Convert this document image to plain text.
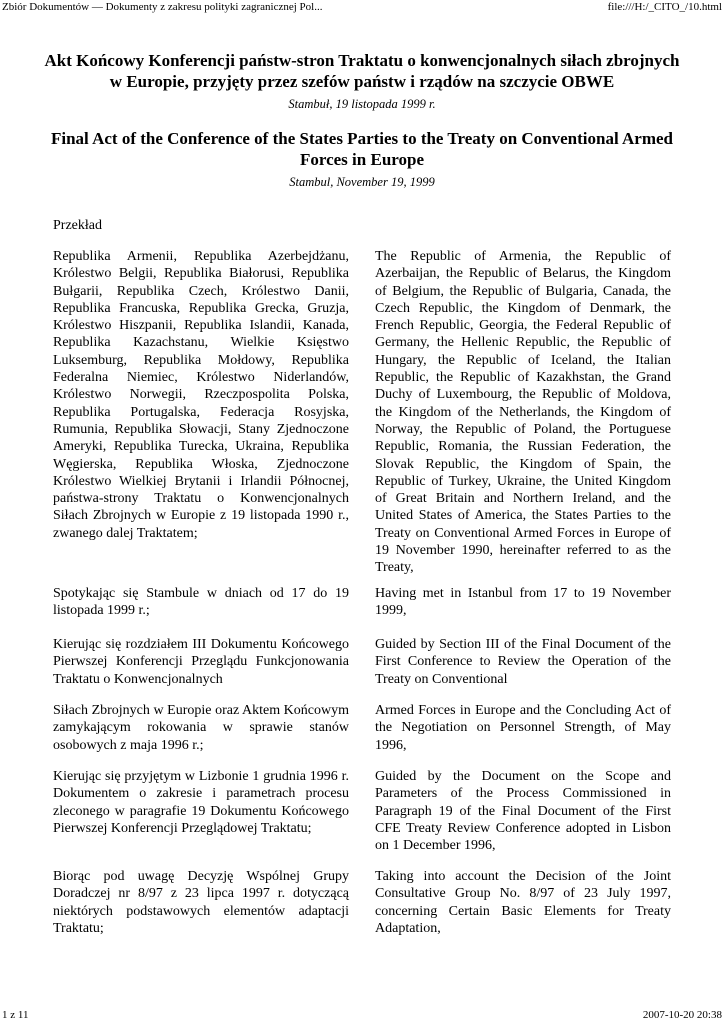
Zbiór Dokumentów — Dokumenty z zakresu polityki zagranicznej Pol...	file:///H:/_CITO_/10.html
Akt Końcowy Konferencji państw-stron Traktatu o konwencjonalnych siłach zbrojnych w Europie, przyjęty przez szefów państw i rządów na szczycie OBWE
Stambuł, 19 listopada 1999 r.
Final Act of the Conference of the States Parties to the Treaty on Conventional Armed Forces in Europe
Stambul, November 19, 1999
Przekład

Republika Armenii, Republika Azerbejdżanu, Królestwo Belgii, Republika Białorusi, Republika Bułgarii, Republika Czech, Królestwo Danii, Republika Francuska, Republika Grecka, Gruzja, Królestwo Hiszpanii, Republika Islandii, Kanada, Republika Kazachstanu, Wielkie Księstwo Luksemburg, Republika Mołdowy, Republika Federalna Niemiec, Królestwo Niderlandów, Królestwo Norwegii, Rzeczpospolita Polska, Republika Portugalska, Federacja Rosyjska, Rumunia, Republika Słowacji, Stany Zjednoczone Ameryki, Republika Turecka, Ukraina, Republika Węgierska, Republika Włoska, Zjednoczone Królestwo Wielkiej Brytanii i Irlandii Północnej, państwa-strony Traktatu o Konwencjonalnych Siłach Zbrojnych w Europie z 19 listopada 1990 r., zwanego dalej Traktatem;

The Republic of Armenia, the Republic of Azerbaijan, the Republic of Belarus, the Kingdom of Belgium, the Republic of Bulgaria, Canada, the Czech Republic, the Kingdom of Denmark, the French Republic, Georgia, the Federal Republic of Germany, the Hellenic Republic, the Republic of Hungary, the Republic of Iceland, the Italian Republic, the Republic of Kazakhstan, the Grand Duchy of Luxembourg, the Republic of Moldova, the Kingdom of the Netherlands, the Kingdom of Norway, the Republic of Poland, the Portuguese Republic, Romania, the Russian Federation, the Slovak Republic, the Kingdom of Spain, the Republic of Turkey, Ukraine, the United Kingdom of Great Britain and Northern Ireland, and the United States of America, the States Parties to the Treaty on Conventional Armed Forces in Europe of 19 November 1990, hereinafter referred to as the Treaty,

Spotykając się Stambule w dniach od 17 do 19 listopada 1999 r.;

Having met in Istanbul from 17 to 19 November 1999,

Kierując się rozdziałem III Dokumentu Końcowego Pierwszej Konferencji Przeglądu Funkcjonowania Traktatu o Konwencjonalnych

Guided by Section III of the Final Document of the First Conference to Review the Operation of the Treaty on Conventional

Siłach Zbrojnych w Europie oraz Aktem Końcowym zamykającym rokowania w sprawie stanów osobowych z maja 1996 r.;

Armed Forces in Europe and the Concluding Act of the Negotiation on Personnel Strength, of May 1996,

Kierując się przyjętym w Lizbonie 1 grudnia 1996 r. Dokumentem o zakresie i parametrach procesu zleconego w paragrafie 19 Dokumentu Końcowego Pierwszej Konferencji Przeglądowej Traktatu;

Guided by the Document on the Scope and Parameters of the Process Commissioned in Paragraph 19 of the Final Document of the First CFE Treaty Review Conference adopted in Lisbon on 1 December 1996,

Biorąc pod uwagę Decyzję Wspólnej Grupy Doradczej nr 8/97 z 23 lipca 1997 r. dotyczącą niektórych podstawowych elementów adaptacji Traktatu;

Taking into account the Decision of the Joint Consultative Group No. 8/97 of 23 July 1997, concerning Certain Basic Elements for Treaty Adaptation,

1 z 11	2007-10-20 20:38
